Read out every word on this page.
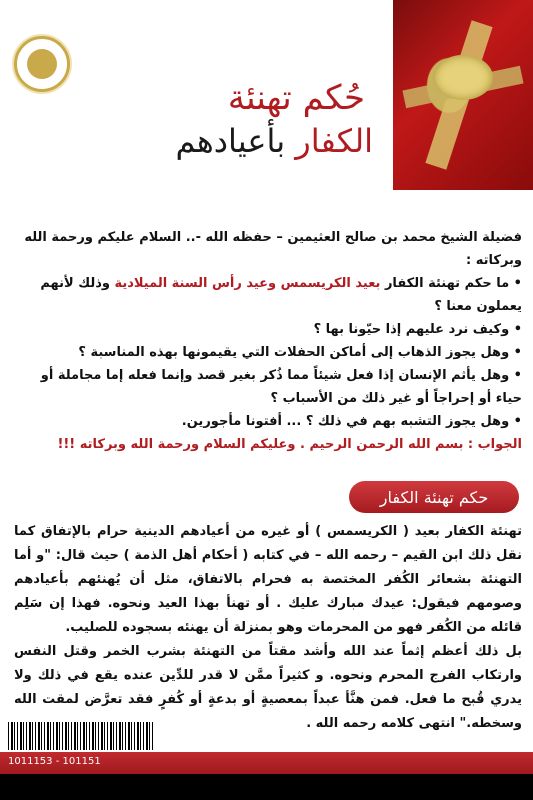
حُكم تهنئة
الكفار بأعيادهم

فضيلة الشيخ محمد بن صالح العثيمين – حفظه الله -.. السلام عليكم ورحمة الله وبركاته :

• ما حكم تهنئة الكفار بعيد الكريسمس وعيد رأس السنة الميلادية وذلك لأنهم يعملون معنا ؟

• وكيف نرد عليهم إذا حيّونا بها ؟

• وهل يجوز الذهاب إلى أماكن الحفلات التي يقيمونها بهذه المناسبة ؟

• وهل يأثم الإنسان إذا فعل شيئاً مما ذُكر بغير قصد وإنما فعله إما مجاملة أو حياء أو إحراجاً أو غير ذلك من الأسباب ؟

• وهل يجوز التشبه بهم في ذلك ؟ ... أفتونا مأجورين.

الجواب : بسم الله الرحمن الرحيم . وعليكم السلام ورحمة الله وبركاته !!!

حكم تهنئة الكفار

تهنئة الكفار بعيد ( الكريسمس ) أو غيره من أعيادهم الدينية حرام بالإتفاق كما نقل ذلك ابن القيم – رحمه الله – في كتابه ( أحكام أهل الذمة ) حيث قال: "و أما التهنئة بشعائر الكُفر المختصة به فحرام بالاتفاق، مثل أن يُهنئهم بأعيادهم وصومهم فيقول: عيدك مبارك عليك . أو تهنأ بهذا العيد ونحوه. فهذا إن سَلِم قائله من الكُفر فهو من المحرمات وهو بمنزلة أن يهنئه بسجوده للصليب.

بل ذلك أعظم إثماً عند الله وأشد مقتاً من التهنئة بشرب الخمر وقتل النفس وارتكاب الفرج المحرم ونحوه. و كثيراً ممَّن لا قدر للدِّين عنده يقع في ذلك ولا يدري قُبح ما فعل. فمن هنَّأ عبداً بمعصيةٍ أو بدعةٍ أو كُفرٍ فقد تعرَّض لمقت الله وسخطه." انتهى كلامه رحمه الله .

1011153 - 101151
